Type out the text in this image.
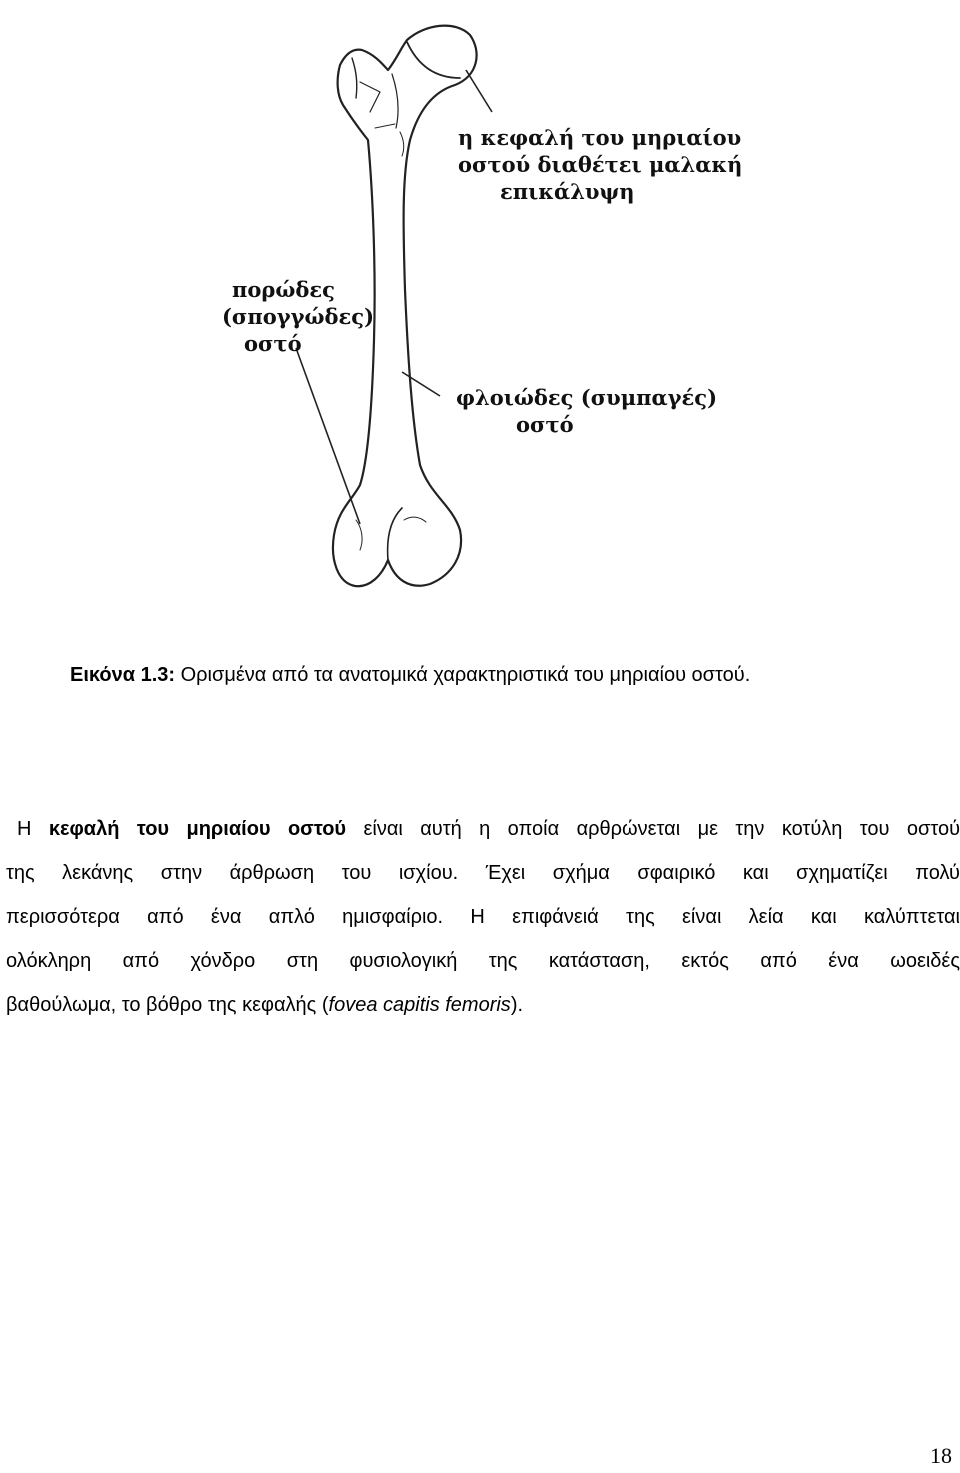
η κεφαλή του μηριαίου
οστού διαθέτει μαλακή
επικάλυψη
πορώδες
(σπογγώδες)
οστό
φλοιώδες (συμπαγές)
οστό
Εικόνα 1.3: Ορισμένα από τα ανατομικά χαρακτηριστικά του μηριαίου οστού.

Η κεφαλή του μηριαίου οστού είναι αυτή η οποία αρθρώνεται με την κοτύλη του οστού

της λεκάνης στην άρθρωση του ισχίου. Έχει σχήμα σφαιρικό και σχηματίζει πολύ

περισσότερα από ένα απλό ημισφαίριο. Η επιφάνειά της είναι λεία και καλύπτεται

ολόκληρη από χόνδρο στη φυσιολογική της κατάσταση, εκτός από ένα ωοειδές

βαθούλωμα, το βόθρο της κεφαλής (fovea capitis femoris).

18
